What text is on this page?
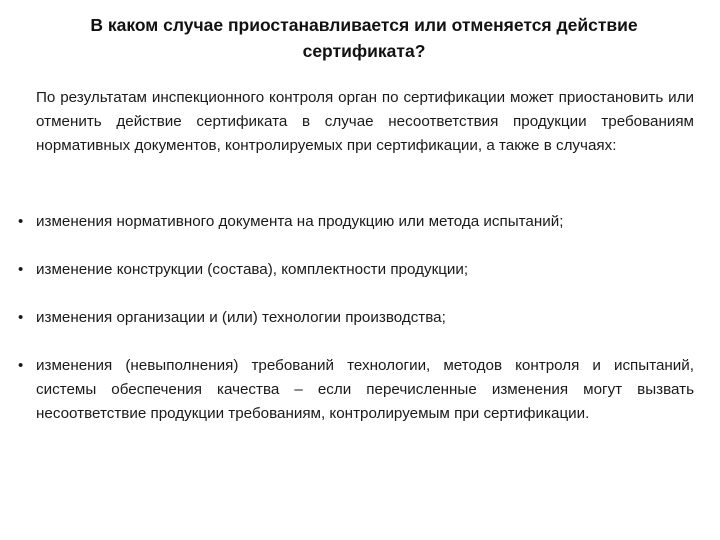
В каком случае приостанавливается или отменяется действие сертификата?
По результатам инспекционного контроля орган по сертификации может приостановить или отменить действие сертификата в случае несоответствия продукции требованиям нормативных документов, контролируемых при сертификации, а также в случаях:
• изменения нормативного документа на продукцию или метода испытаний;
• изменение конструкции (состава), комплектности продукции;
• изменения организации и (или) технологии производства;
• изменения (невыполнения) требований технологии, методов контроля и испытаний, системы обеспечения качества – если перечисленные изменения могут вызвать несоответствие продукции требованиям, контролируемым при сертификации.
